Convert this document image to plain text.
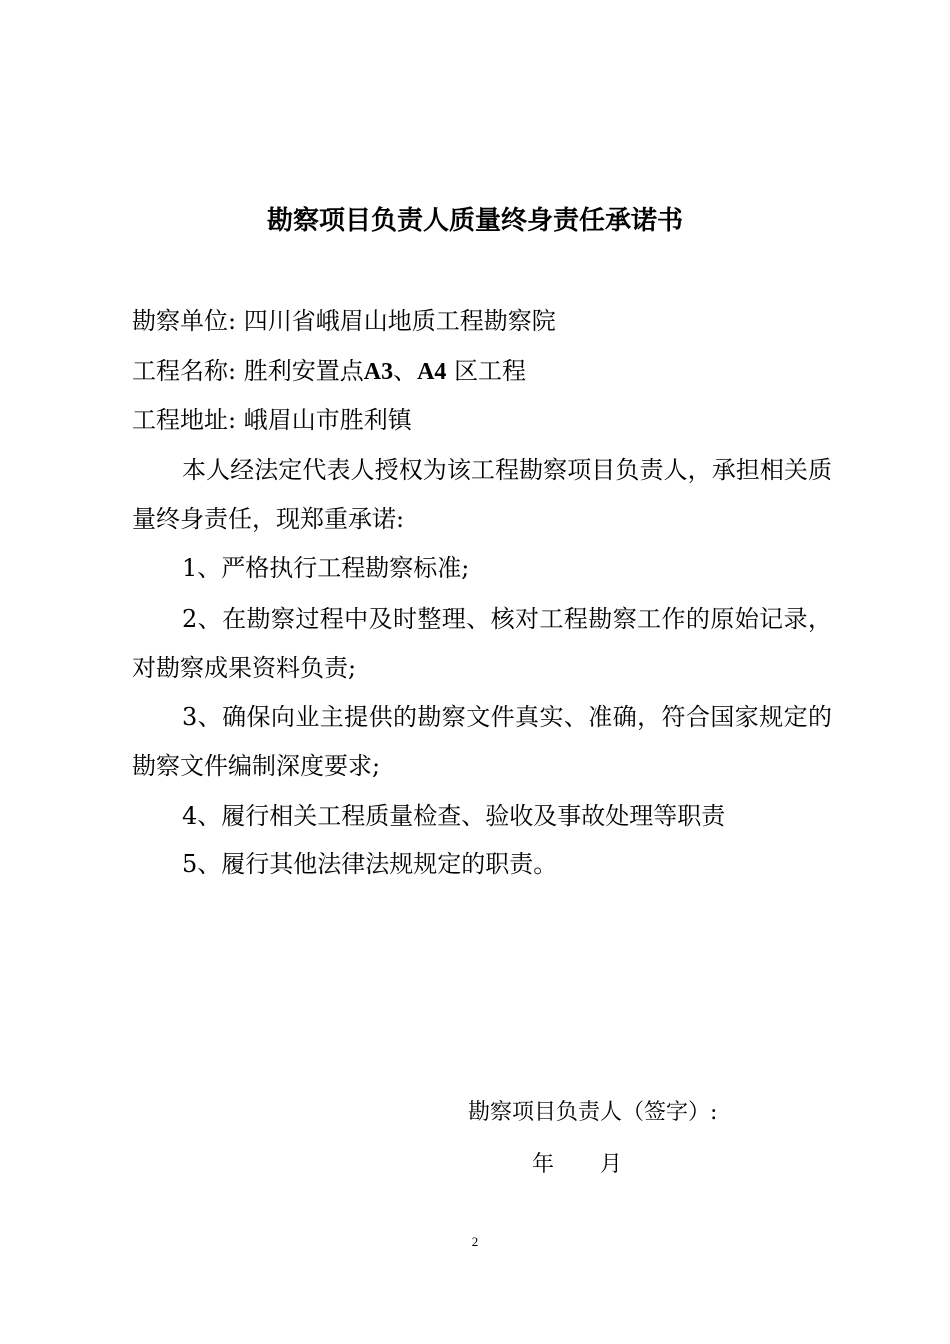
勘察项目负责人质量终身责任承诺书
勘察单位: 四川省峨眉山地质工程勘察院
工程名称: 胜利安置点A3、A4 区工程
工程地址: 峨眉山市胜利镇
本人经法定代表人授权为该工程勘察项目负责人，承担相关质量终身责任，现郑重承诺:
1、严格执行工程勘察标准;
2、在勘察过程中及时整理、核对工程勘察工作的原始记录，对勘察成果资料负责;
3、确保向业主提供的勘察文件真实、准确，符合国家规定的勘察文件编制深度要求;
4、履行相关工程质量检查、验收及事故处理等职责
5、履行其他法律法规规定的职责。
勘察项目负责人（签字）:
年 月
2
